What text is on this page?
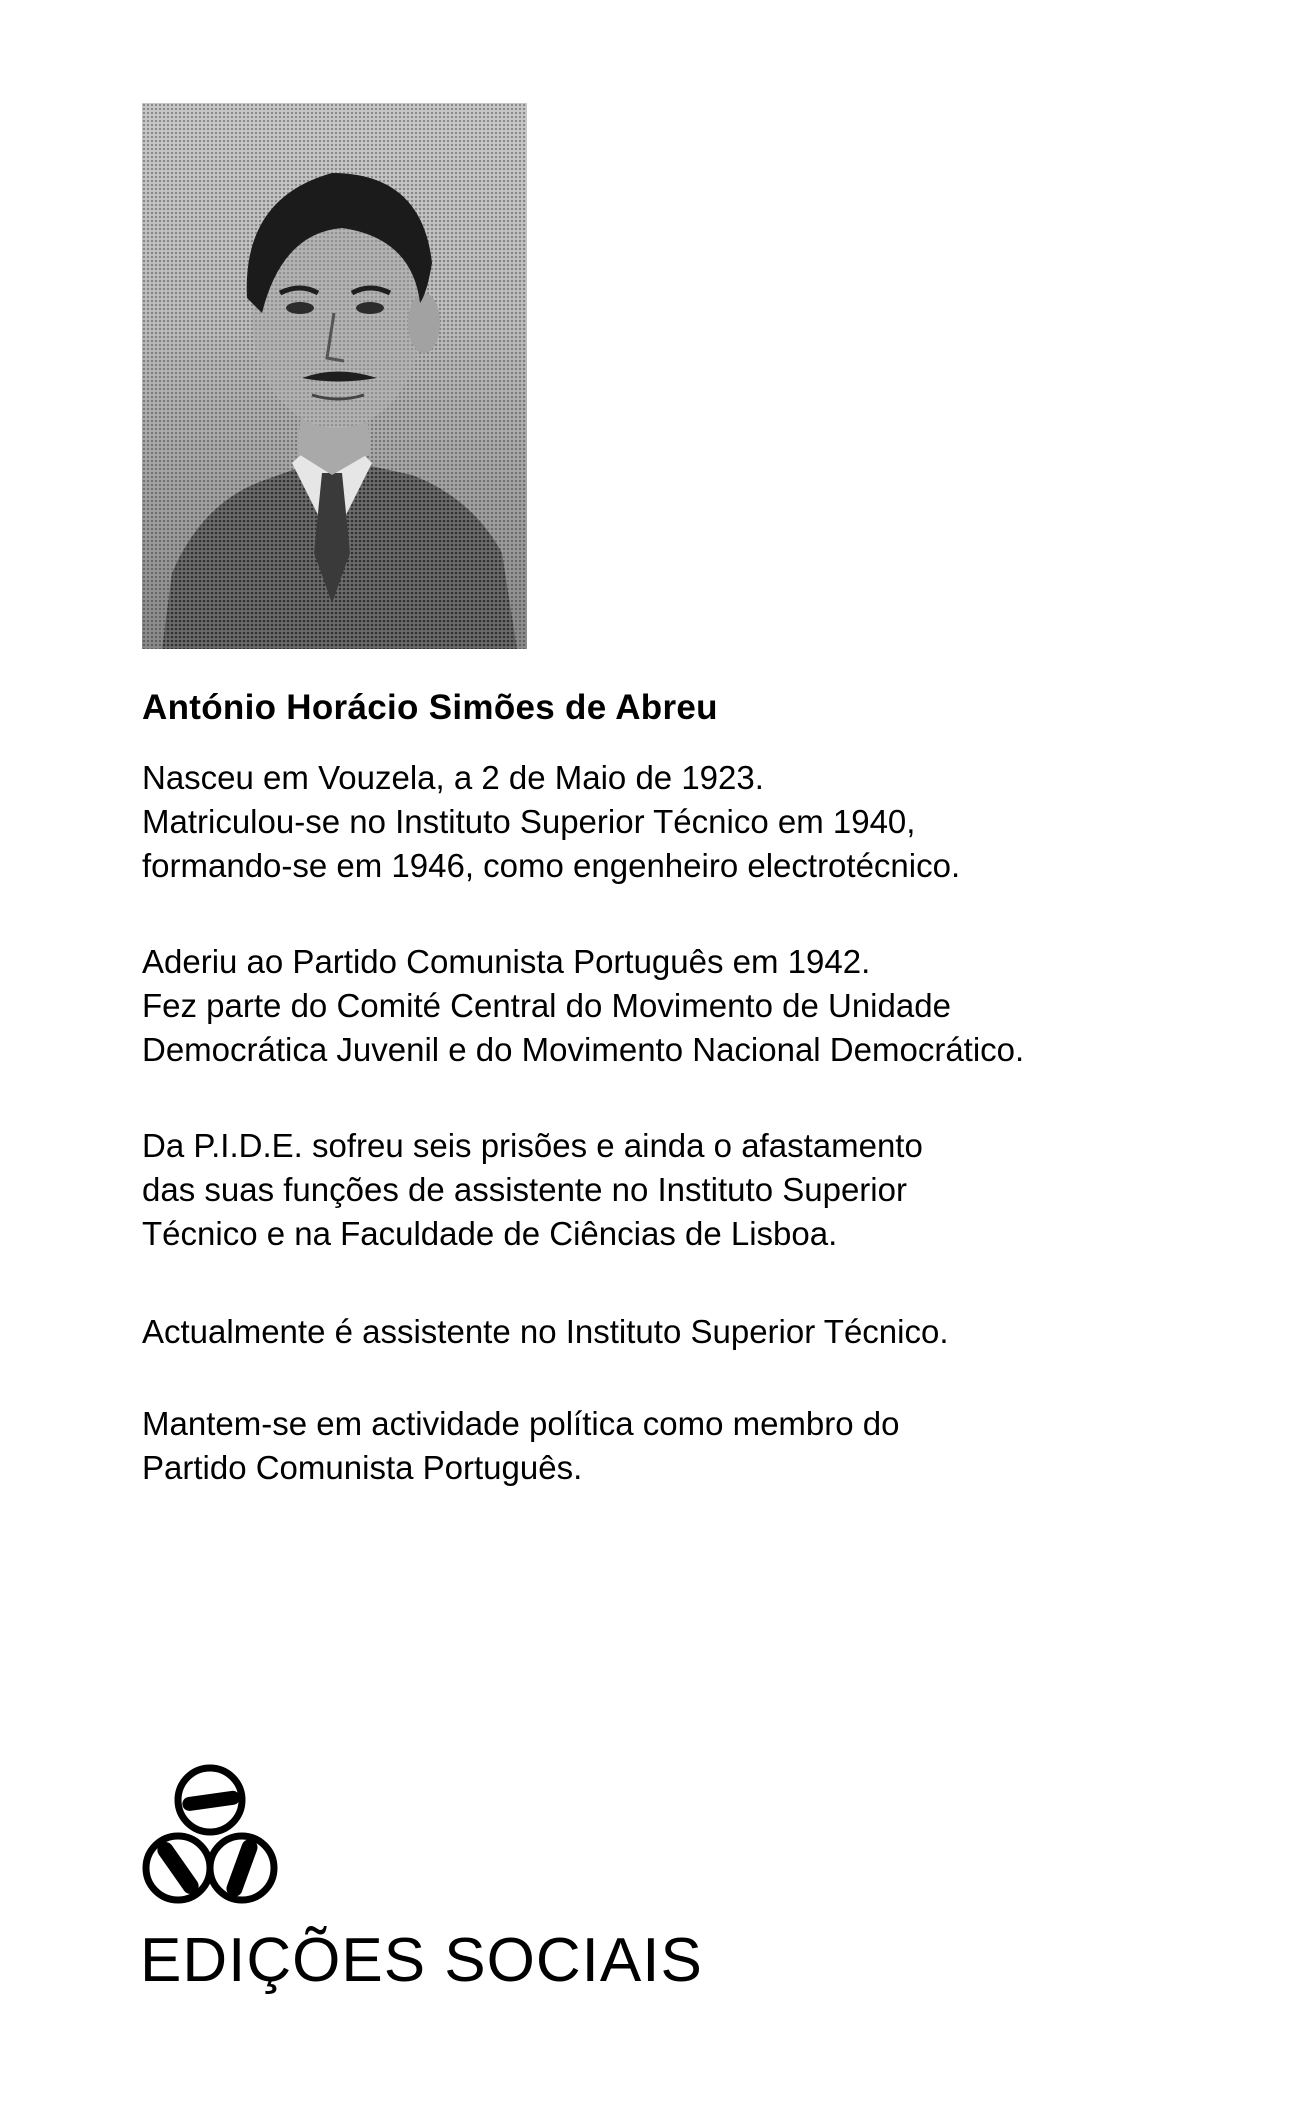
António Horácio Simões de Abreu

Nasceu em Vouzela, a 2 de Maio de 1923.

Matriculou-se no Instituto Superior Técnico em 1940,

formando-se em 1946, como engenheiro electrotécnico.

Aderiu ao Partido Comunista Português em 1942.

Fez parte do Comité Central do Movimento de Unidade

Democrática Juvenil e do Movimento Nacional Democrático.

Da P.I.D.E. sofreu seis prisões e ainda o afastamento

das suas funções de assistente no Instituto Superior

Técnico e na Faculdade de Ciências de Lisboa.

Actualmente é assistente no Instituto Superior Técnico.

Mantem-se em actividade política como membro do

Partido Comunista Português.

EDIÇÕES SOCIAIS
